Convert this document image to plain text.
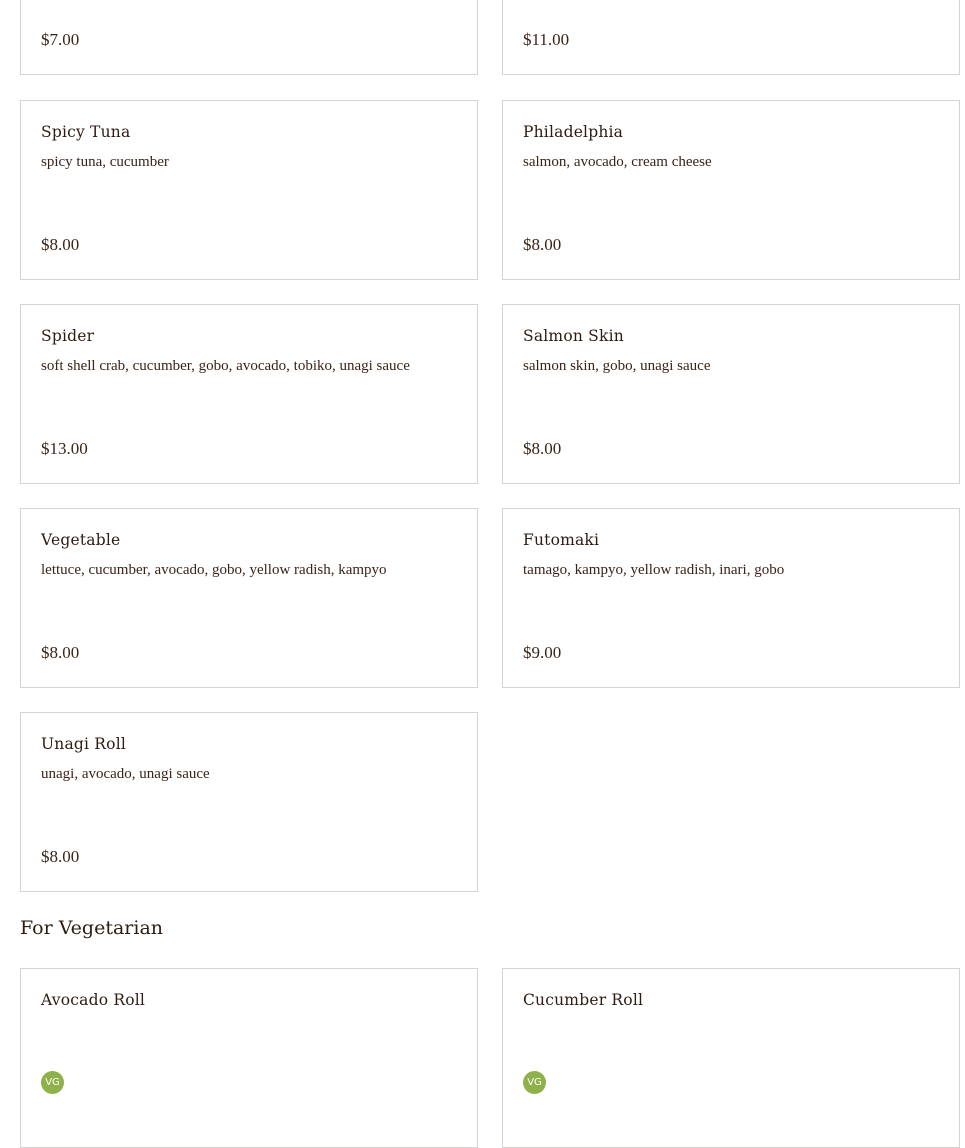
$7.00	$11.00
Spicy Tuna
spicy tuna, cucumber
$8.00
Philadelphia
salmon, avocado, cream cheese
$8.00
Spider
soft shell crab, cucumber, gobo, avocado, tobiko, unagi sauce
$13.00
Salmon Skin
salmon skin, gobo, unagi sauce
$8.00
Vegetable
lettuce, cucumber, avocado, gobo, yellow radish, kampyo
$8.00
Futomaki
tamago, kampyo, yellow radish, inari, gobo
$9.00
Unagi Roll
unagi, avocado, unagi sauce
$8.00
For Vegetarian
Avocado Roll
VG
Cucumber Roll
VG
